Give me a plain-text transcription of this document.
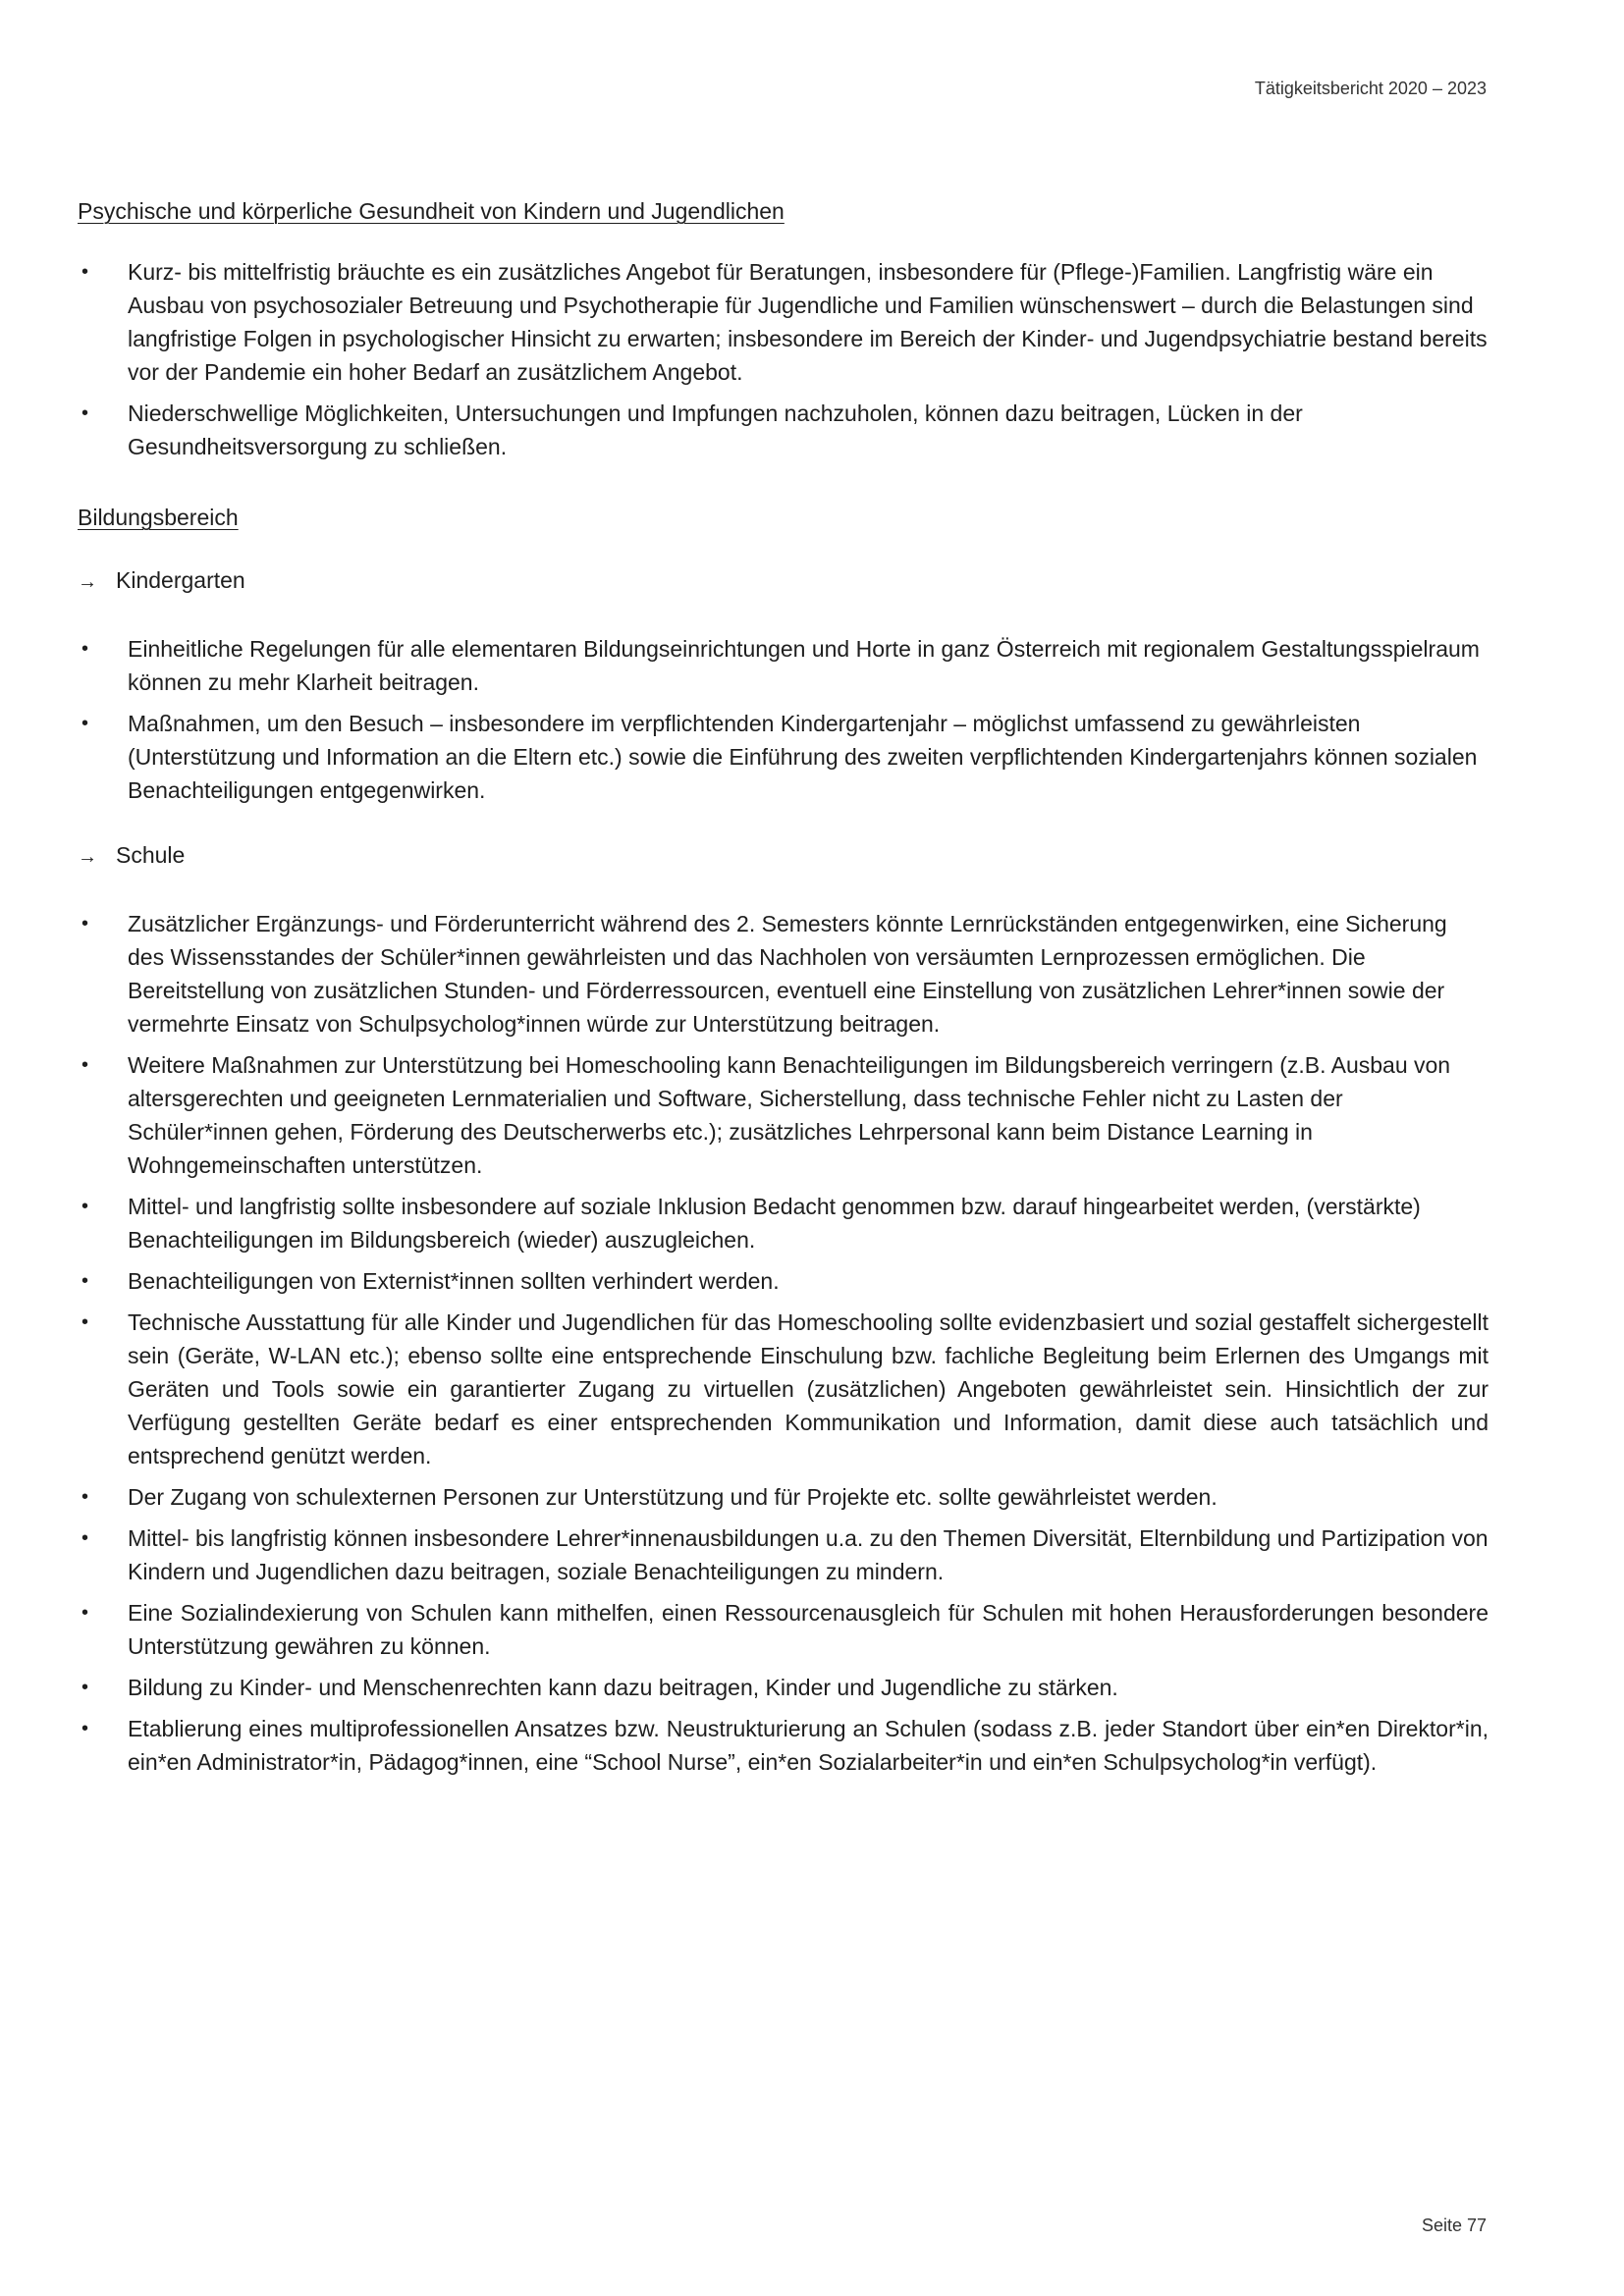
Tätigkeitsbericht 2020 – 2023
Psychische und körperliche Gesundheit von Kindern und Jugendlichen
• Kurz- bis mittelfristig bräuchte es ein zusätzliches Angebot für Beratungen, insbesondere für (Pflege-)Familien. Langfristig wäre ein Ausbau von psychosozialer Betreuung und Psychotherapie für Jugendliche und Familien wünschenswert – durch die Belastungen sind langfristige Folgen in psychologischer Hinsicht zu erwarten; insbesondere im Bereich der Kinder- und Jugendpsychiatrie bestand bereits vor der Pandemie ein hoher Bedarf an zusätzlichem Angebot.
• Niederschwellige Möglichkeiten, Untersuchungen und Impfungen nachzuholen, können dazu beitragen, Lücken in der Gesundheitsversorgung zu schließen.
Bildungsbereich
→ Kindergarten
• Einheitliche Regelungen für alle elementaren Bildungseinrichtungen und Horte in ganz Österreich mit regionalem Gestaltungsspielraum können zu mehr Klarheit beitragen.
• Maßnahmen, um den Besuch – insbesondere im verpflichtenden Kindergartenjahr – möglichst umfassend zu gewährleisten (Unterstützung und Information an die Eltern etc.) sowie die Einführung des zweiten verpflichtenden Kindergartenjahrs können sozialen Benachteiligungen entgegenwirken.
→ Schule
• Zusätzlicher Ergänzungs- und Förderunterricht während des 2. Semesters könnte Lernrückständen entgegenwirken, eine Sicherung des Wissensstandes der Schüler*innen gewährleisten und das Nachholen von versäumten Lernprozessen ermöglichen. Die Bereitstellung von zusätzlichen Stunden- und Förderressourcen, eventuell eine Einstellung von zusätzlichen Lehrer*innen sowie der vermehrte Einsatz von Schulpsycholog*innen würde zur Unterstützung beitragen.
• Weitere Maßnahmen zur Unterstützung bei Homeschooling kann Benachteiligungen im Bildungsbereich verringern (z.B. Ausbau von altersgerechten und geeigneten Lernmaterialien und Software, Sicherstellung, dass technische Fehler nicht zu Lasten der Schüler*innen gehen, Förderung des Deutscherwerbs etc.); zusätzliches Lehrpersonal kann beim Distance Learning in Wohngemeinschaften unterstützen.
• Mittel- und langfristig sollte insbesondere auf soziale Inklusion Bedacht genommen bzw. darauf hingearbeitet werden, (verstärkte) Benachteiligungen im Bildungsbereich (wieder) auszugleichen.
• Benachteiligungen von Externist*innen sollten verhindert werden.
• Technische Ausstattung für alle Kinder und Jugendlichen für das Homeschooling sollte evidenzbasiert und sozial gestaffelt sichergestellt sein (Geräte, W-LAN etc.); ebenso sollte eine entsprechende Einschulung bzw. fachliche Begleitung beim Erlernen des Umgangs mit Geräten und Tools sowie ein garantierter Zugang zu virtuellen (zusätzlichen) Angeboten gewährleistet sein. Hinsichtlich der zur Verfügung gestellten Geräte bedarf es einer entsprechenden Kommunikation und Information, damit diese auch tatsächlich und entsprechend genützt werden.
• Der Zugang von schulexternen Personen zur Unterstützung und für Projekte etc. sollte gewährleistet werden.
• Mittel- bis langfristig können insbesondere Lehrer*innenausbildungen u.a. zu den Themen Diversität, Elternbildung und Partizipation von Kindern und Jugendlichen dazu beitragen, soziale Benachteiligungen zu mindern.
• Eine Sozialindexierung von Schulen kann mithelfen, einen Ressourcenausgleich für Schulen mit hohen Herausforderungen besondere Unterstützung gewähren zu können.
• Bildung zu Kinder- und Menschenrechten kann dazu beitragen, Kinder und Jugendliche zu stärken.
• Etablierung eines multiprofessionellen Ansatzes bzw. Neustrukturierung an Schulen (sodass z.B. jeder Standort über ein*en Direktor*in, ein*en Administrator*in, Pädagog*innen, eine “School Nurse”, ein*en Sozialarbeiter*in und ein*en Schulpsycholog*in verfügt).
Seite 77
